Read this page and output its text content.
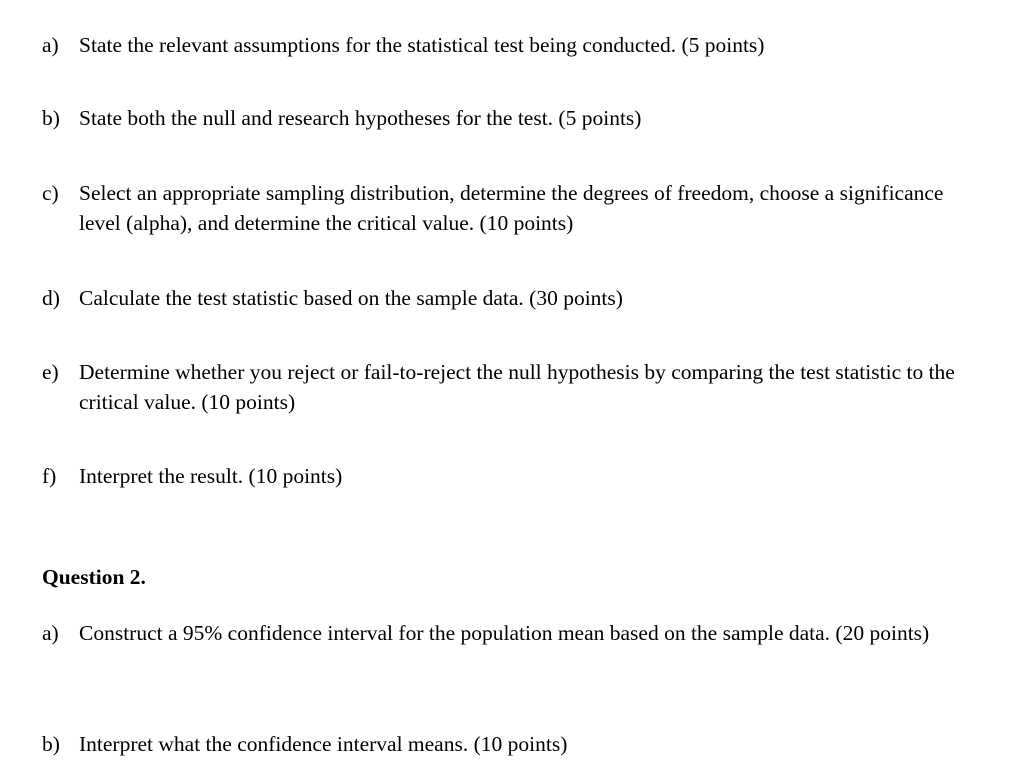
a) State the relevant assumptions for the statistical test being conducted. (5 points)
b) State both the null and research hypotheses for the test. (5 points)
c) Select an appropriate sampling distribution, determine the degrees of freedom, choose a significance level (alpha), and determine the critical value. (10 points)
d) Calculate the test statistic based on the sample data. (30 points)
e) Determine whether you reject or fail-to-reject the null hypothesis by comparing the test statistic to the critical value. (10 points)
f)	Interpret the result. (10 points)
Question 2.
a) Construct a 95% confidence interval for the population mean based on the sample data. (20 points)
b) Interpret what the confidence interval means. (10 points)
